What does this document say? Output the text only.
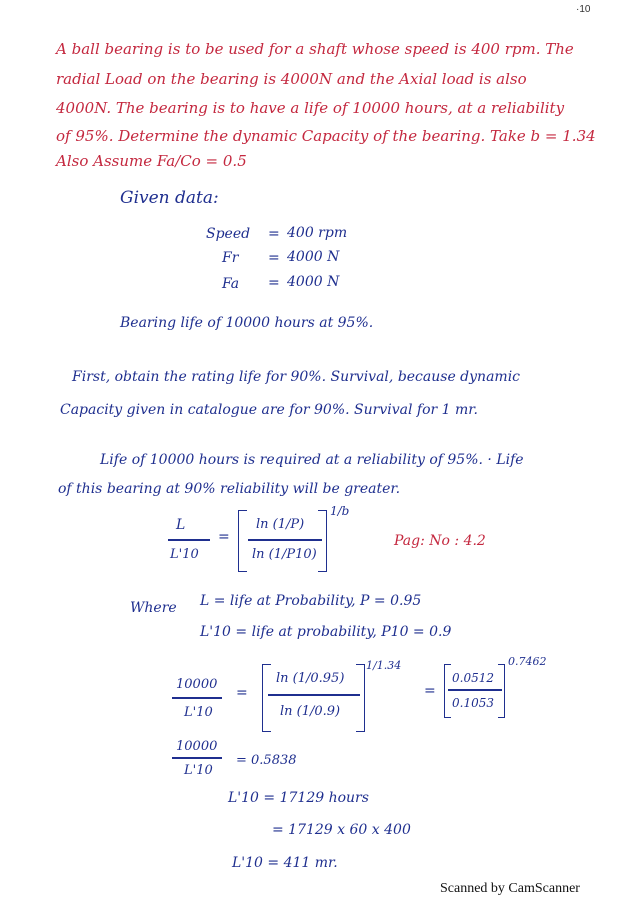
·10
A ball bearing is to be used for a shaft whose speed is 400 rpm. The
radial Load on the bearing is 4000N and the Axial load is also
4000N. The bearing is to have a life of 10000 hours, at a reliability
of 95%. Determine the dynamic Capacity of the bearing. Take b = 1.34
Also Assume Fa/Co = 0.5
Given data:
Speed = 400 rpm
Fr = 4000 N
Fa = 4000 N
Bearing life of 10000 hours at 95%.
First, obtain the rating life for 90%. Survival, because dynamic
Capacity given in catalogue are for 90%. Survival for 1 mr.
Life of 10000 hours is required at a reliability of 95%. · Life
of this bearing at 90% reliability will be greater.
L
L'10
=
ln (1/P)
ln (1/P10)
1/b
Pag: No : 4.2
Where L = life at Probability, P = 0.95
L'10 = life at probability, P10 = 0.9
10000
L'10
=
ln (1/0.95)
ln (1/0.9)
1/1.34
=
0.0512
0.1053
0.7462
10000
L'10
= 0.5838
L'10 = 17129 hours
= 17129 x 60 x 400
L'10 = 411 mr.
Scanned by CamScanner
